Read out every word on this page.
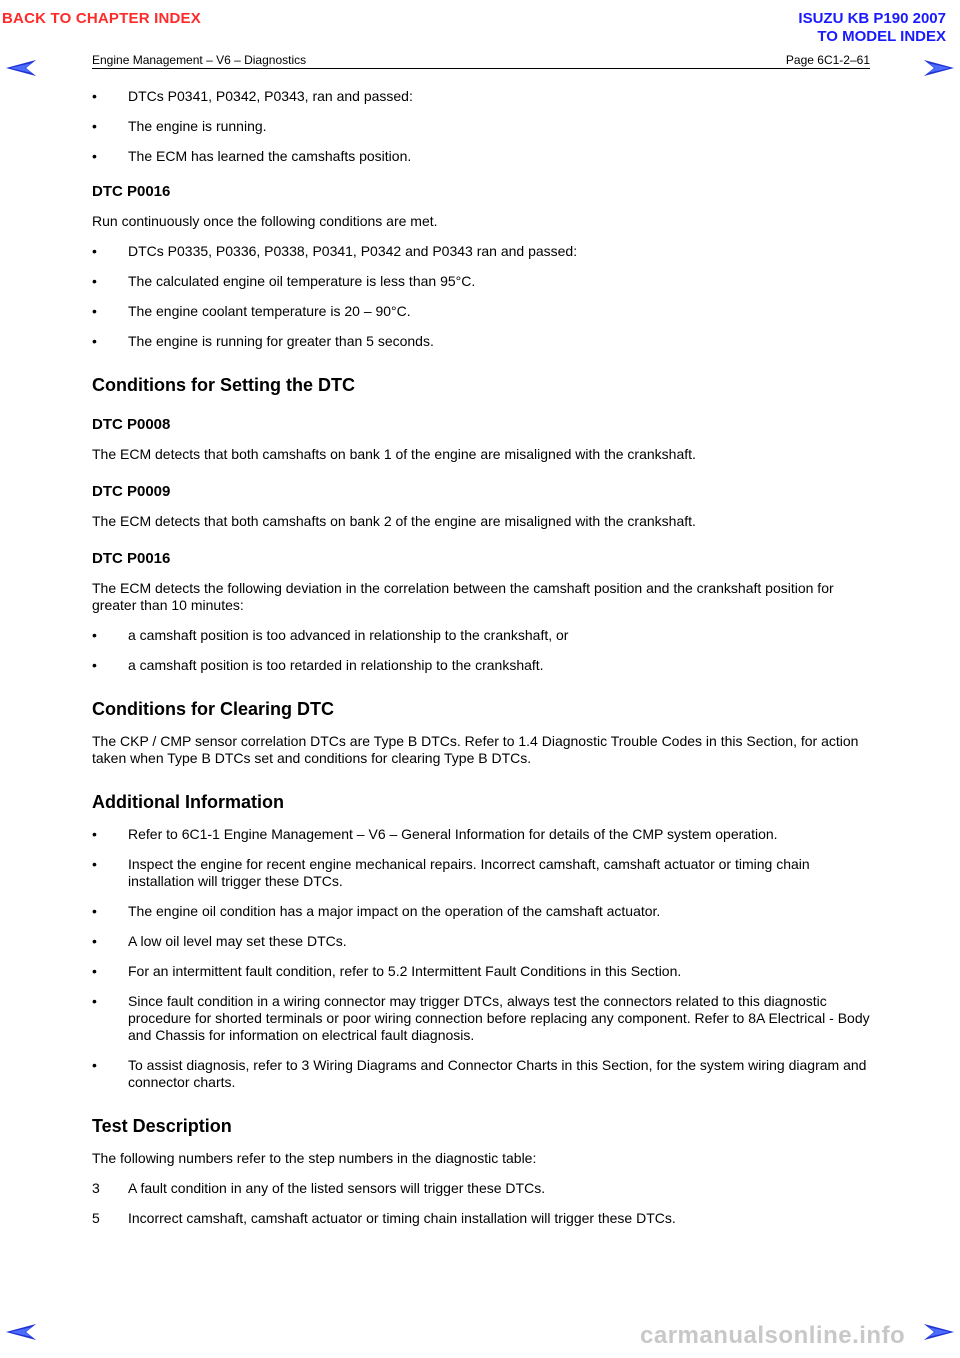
BACK TO CHAPTER INDEX	ISUZU KB P190 2007
TO MODEL INDEX
Engine Management – V6 – Diagnostics	Page 6C1-2–61
•	DTCs P0341, P0342, P0343, ran and passed:
•	The engine is running.
•	The ECM has learned the camshafts position.
DTC P0016
Run continuously once the following conditions are met.
•	DTCs P0335, P0336, P0338, P0341, P0342 and P0343 ran and passed:
•	The calculated engine oil temperature is less than 95°C.
•	The engine coolant temperature is 20 – 90°C.
•	The engine is running for greater than 5 seconds.
Conditions for Setting the DTC
DTC P0008
The ECM detects that both camshafts on bank 1 of the engine are misaligned with the crankshaft.
DTC P0009
The ECM detects that both camshafts on bank 2 of the engine are misaligned with the crankshaft.
DTC P0016
The ECM detects the following deviation in the correlation between the camshaft position and the crankshaft position for greater than 10 minutes:
•	a camshaft position is too advanced in relationship to the crankshaft, or
•	a camshaft position is too retarded in relationship to the crankshaft.
Conditions for Clearing DTC
The CKP / CMP sensor correlation DTCs are Type B DTCs. Refer to 1.4 Diagnostic Trouble Codes in this Section, for action taken when Type B DTCs set and conditions for clearing Type B DTCs.
Additional Information
•	Refer to 6C1-1 Engine Management – V6 – General Information for details of the CMP system operation.
•	Inspect the engine for recent engine mechanical repairs. Incorrect camshaft, camshaft actuator or timing chain installation will trigger these DTCs.
•	The engine oil condition has a major impact on the operation of the camshaft actuator.
•	A low oil level may set these DTCs.
•	For an intermittent fault condition, refer to 5.2 Intermittent Fault Conditions in this Section.
•	Since fault condition in a wiring connector may trigger DTCs, always test the connectors related to this diagnostic procedure for shorted terminals or poor wiring connection before replacing any component. Refer to 8A Electrical - Body and Chassis for information on electrical fault diagnosis.
•	To assist diagnosis, refer to 3 Wiring Diagrams and Connector Charts in this Section, for the system wiring diagram and connector charts.
Test Description
The following numbers refer to the step numbers in the diagnostic table:
3	A fault condition in any of the listed sensors will trigger these DTCs.
5	Incorrect camshaft, camshaft actuator or timing chain installation will trigger these DTCs.
carmanualsonline.info
